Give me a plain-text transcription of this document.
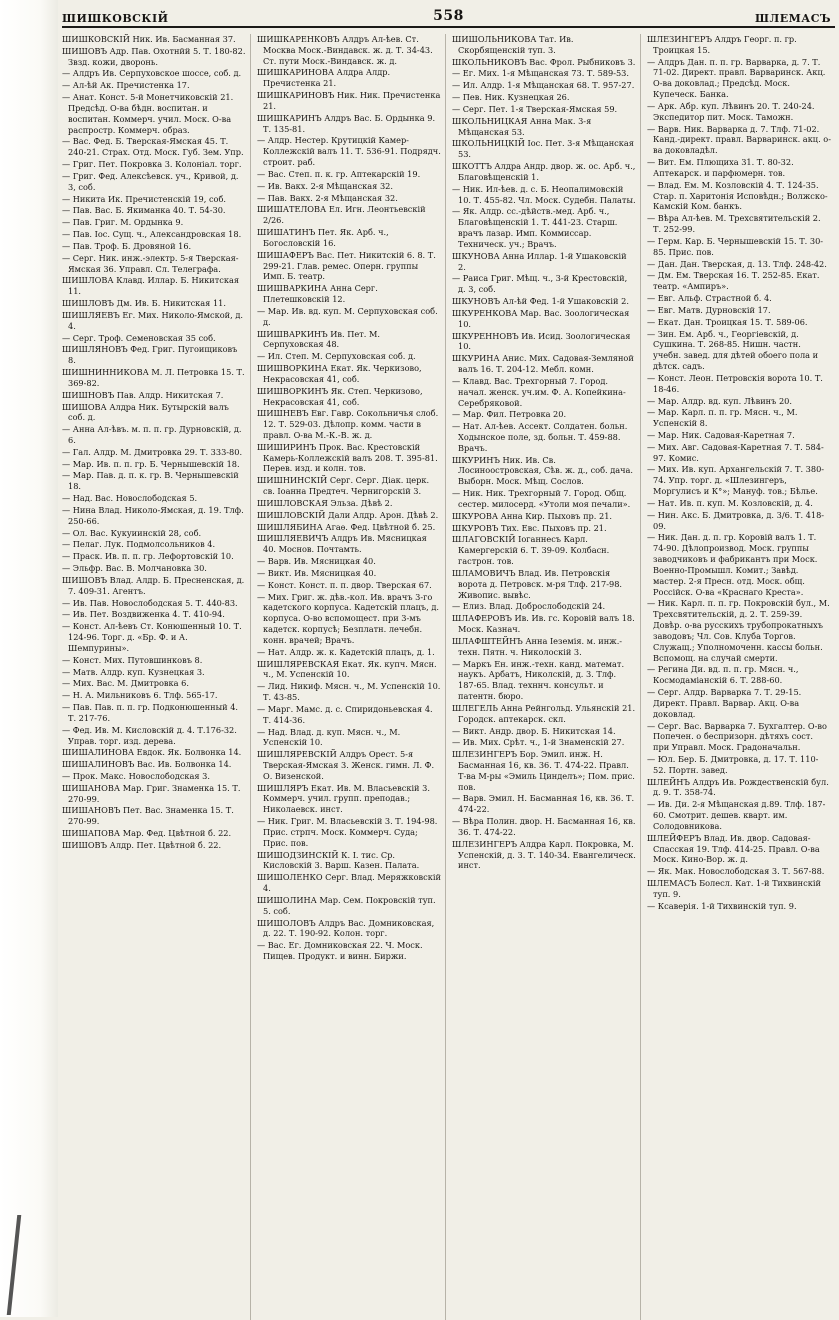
ШИШКОВСКІЙ	558	ШЛЕМАСЪ
ШИШКОВСКІЙ Ник. Ив. Басманная 37.
ШИШОВЪ Адр. Пав. Охотнйй 5. Т. 180-82. Звзд. кожи, дворонь.
— Алдръ Ив. Серпуховское шоссе, соб. д.
— Ал-ѣй Ак. Пречистенка 17.
— Анат. Конст. 5-й Монетчиковскій 21. Предсѣд. О-ва бѣдн. воспитан. и воспитан. Коммерч. учил. Моск. О-ва распростр. Коммерч. образ.
— Вас. Фед. Б. Тверская-Ямская 45. Т. 240-21. Страх. Отд. Моск. Губ. Зем. Упр.
— Григ. Пет. Покровка 3. Колоніал. торг.
— Григ. Фед. Алексѣевск. уч., Кривой, д. 3, соб.
— Никита Ик. Пречистенскій 19, соб.
— Пав. Вас. Б. Якиманка 40. Т. 54-30.
— Пав. Григ. М. Ордынка 9.
— Пав. Іос. Сущ. ч., Александровская 18.
— Пав. Троф. Б. Дровяной 16.
— Серг. Ник. инж.-электр. 5-я Тверская-Ямская 36. Управл. Сл. Телеграфа.
ШИШЛОВА Клавд. Иллар. Б. Никитская 11.
ШИШЛОВЪ Дм. Ив. Б. Никитская 11.
ШИШЛЯЕВЪ Ег. Мих. Николо-Ямской, д. 4.
— Серг. Троф. Семеновская 35 соб.
ШИШЛЯНОВЪ Фед. Григ. Пугоищиковъ 8.
ШИШНИННИКОВА М. Л. Петровка 15. Т. 369-82.
ШИШНОВЪ Пав. Алдр. Никитская 7.
ШИШОВА Алдра Ник. Бутырскій валъ соб. д.
— Анна Ал-ѣвъ. м. п. п. гр. Дурновскій, д. 6.
— Гал. Алдр. М. Дмитровка 29. Т. 333-80.
— Мар. Ив. п. п. гр. Б. Чернышевскій 18.
— Мар. Пав. д. п. к. гр. В. Чернышевскій 18.
— Над. Вас. Новослободская 5.
— Нина Влад. Николо-Ямская, д. 19. Тлф. 250-66.
— Ол. Вас. Кукуиинскій 28, соб.
— Пелаг. Лук. Подмолсольников 4.
— Праск. Ив. п. п. гр. Лефортовскій 10.
— Эльфр. Вас. В. Молчановка 30.
ШИШОВЪ Влад. Алдр. Б. Пресненская, д. 7. 409-31. Агентъ.
— Ив. Пав. Новослободская 5. Т. 440-83.
— Ив. Пет. Воздвиженка 4. Т. 410-94.
— Конст. Ал-ѣевъ Ст. Конюшенный 10. Т. 124-96. Торг. д. «Бр. Ф. и А. Шемпурины».
— Конст. Мих. Путовшинковъ 8.
— Матв. Алдр. куп. Кузнецкая 3.
— Мих. Вас. М. Дмитровка 6.
— Н. А. Мильниковъ 6. Тлф. 565-17.
— Пав. Пав. п. п. гр. Подконюшенный 4. Т. 217-76.
— Фед. Ив. М. Кисловскій д. 4. Т.176-32. Управ. торг. изд. дерева.
ШИШАЛИНОВА Евдок. Як. Болвонка 14.
ШИШАЛИНОВЪ Вас. Ив. Болвонка 14.
— Прок. Макс. Новослободская 3.
ШИШАНОВА Мар. Григ. Знаменка 15. Т. 270-99.
ШИШАНОВЪ Пет. Вас. Знаменка 15. Т. 270-99.
ШИШАПОВА Мар. Фед. Цвѣтной б. 22.
ШИШОВЪ Алдр. Пет. Цвѣтной б. 22.
ШИШКАРЕНКОВЪ Алдръ Ал-ѣев. Ст. Москва Моск.-Виндавск. ж. д. Т. 34-43. Ст. пути Моск.-Виндавск. ж. д.
ШИШКАРИНОВА Алдра Алдр. Пречистенка 21.
ШИШКАРИНОВЪ Ник. Ник. Пречистенка 21.
ШИШКАРИНЪ Алдръ Вас. Б. Ордынка 9. Т. 135-81.
— Алдр. Нестер. Крутицкій Камер-Коллежскій валъ 11. Т. 536-91. Подрядч. строит. раб.
— Вас. Степ. п. к. гр. Аптекарскій 19.
— Ив. Вакх. 2-я Мѣщанская 32.
— Пав. Вакх. 2-я Мѣщанская 32.
ШИШАТЕЛОВА Ел. Игн. Леонтьевскій 2/26.
ШИШАТИНЪ Пет. Як. Арб. ч., Богословскій 16.
ШИШАФЕРЪ Вас. Пет. Никитскій 6. 8. Т. 299-21. Глав. ремес. Оперн. группы Имп. Б. театр.
ШИШВАРКИНА Анна Серг. Плетешковскій 12.
— Мар. Ив. вд. куп. М. Серпуховская соб. д.
ШИШВАРКИНЪ Ив. Пет. М. Серпуховская 48.
— Ил. Степ. М. Серпуховская соб. д.
ШИШВОРКИНА Екат. Як. Черкизово, Некрасовская 41, соб.
ШИШВОРКИНЪ Як. Степ. Черкизово, Некрасовская 41, соб.
ШИШНЕВЪ Евг. Гавр. Сокольничья слоб. 12. Т. 529-03. Дѣлопр. комм. части в правл. О-ва М.-К.-В. ж. д.
ШИШИРИНЪ Прок. Вас. Крестовскій Камерь-Коллежскій валъ 208. Т. 395-81. Перев. изд. и колн. тов.
ШИШНИНСКІЙ Серг. Серг. Діак. церк. св. Іоанна Предтеч. Чернигорскій 3.
ШИШЛОВСКАЯ Эльза. Дѣвѣ 2.
ШИШЛОВСКІЙ Дали Алдр. Арон. Дѣвѣ 2.
ШИШЛЯБИНА Агаѳ. Фед. Цвѣтной б. 25.
ШИШЛЯЕВИЧЪ Алдръ Ив. Мясницкая 40. Моснов. Почтамть.
— Варв. Ив. Мясницкая 40.
— Викт. Ив. Мясницкая 40.
— Конст. Конст. п. п. двор. Тверская 67.
— Мих. Григ. ж. дѣв.-кол. Ив. врачъ 3-го кадетского корпуса. Кадетскій плацъ, д. корпуса. О-во вспомощест. при 3-мъ кадетск. корпусѣ; Безплатн. лечебн. конн. врачей; Врачъ.
— Нат. Алдр. ж. к. Кадетскій плацъ, д. 1.
ШИШЛЯРЕВСКАЯ Екат. Як. купч. Мясн. ч., М. Успенскій 10.
— Лид. Никиф. Мясн. ч., М. Успенскій 10. Т. 43-85.
— Марг. Мамс. д. с. Спиридоньевская 4. Т. 414-36.
— Над. Влад. д. куп. Мясн. ч., М. Успенскій 10.
ШИШЛЯРЕВСКІЙ Алдръ Орест. 5-я Тверская-Ямская 3. Женск. гимн. Л. Ф. О. Визенской.
ШИШЛЯРЪ Екат. Ив. М. Власьевскій 3. Коммерч. учил. групп. преподав.; Николаевск. инст.
— Ник. Григ. М. Власьевскій 3. Т. 194-98. Прис. стрпч. Моск. Коммерч. Суда; Прис. пов.
ШИШОДЗИНСКІЙ К. І. тис. Ср. Кисловскій 3. Варш. Казен. Палата.
ШИШОЛЕНКО Серг. Влад. Меряжковскій 4.
ШИШОЛИНА Мар. Сем. Покровскій туп. 5. соб.
ШИШОЛОВЪ Алдръ Вас. Домниковская, д. 22. Т. 190-92. Колон. торг.
— Вас. Ег. Домниковская 22. Ч. Моск. Пищев. Продукт. и винн. Биржи.
ШИШОЛЬНИКОВА Тат. Ив. Скорбященскій туп. 3.
ШКОЛЬНИКОВЪ Вас. Фрол. Рыбниковъ 3.
— Ег. Мих. 1-я Мѣщанская 73. Т. 589-53.
— Ил. Алдр. 1-я Мѣщанская 68. Т. 957-27.
— Пев. Ник. Кузнецкая 26.
— Серг. Пет. 1-я Тверская-Ямская 59.
ШКОЛЬНИЦКАЯ Анна Мак. 3-я Мѣщанская 53.
ШКОЛЬНИЦКІЙ Іос. Пет. 3-я Мѣщанская 53.
ШКОТТЪ Алдра Андр. двор. ж. ос. Арб. ч., Благовѣщенскій 1.
— Ник. Ил-ѣев. д. с. Б. Неопалимовскій 10. Т. 455-82. Чл. Моск. Судебн. Палаты.
— Як. Алдр. сс.-дѣйств.-мед. Арб. ч., Благовѣщенскій 1. Т. 441-23. Старш. врачъ лазар. Имп. Коммиссар. Техническ. уч.; Врачъ.
ШКУНОВА Анна Иллар. 1-й Ушаковскій 2.
— Раиса Григ. Мѣщ. ч., 3-й Крестовскій, д. 3, соб.
ШКУНОВЪ Ал-ѣй Фед. 1-й Ушаковскій 2.
ШКУРЕНКОВА Мар. Вас. Зоологическая 10.
ШКУРЕННОВЪ Ив. Исид. Зоологическая 10.
ШКУРИНА Анис. Мих. Садовая-Земляной валъ 16. Т. 204-12. Мебл. комн.
— Клавд. Вас. Трехгорный 7. Город. начал. женск. уч.им. Ф. А. Копейкина-Серебряковой.
— Мар. Фил. Петровка 20.
— Нат. Ал-ѣев. Ассект. Солдатен. больн. Ходынское поле, зд. больн. Т. 459-88. Врачъ.
ШКУРИНЪ Ник. Ив. Св. Лосиноостровская, Сѣв. ж. д., соб. дача. Выборн. Моск. Мѣщ. Сослов.
— Ник. Ник. Трехгорный 7. Город. Общ. сестер. милосерд. «Утоли моя печали».
ШКУРОВА Анна Кир. Пыховъ пр. 21.
ШКУРОВЪ Тих. Евс. Пыховъ пр. 21.
ШЛАГОВСКІЙ Іоганнесъ Карл. Камергерскій 6. Т. 39-09. Колбасн. гастрон. тов.
ШЛАМОВИЧЪ Влад. Ив. Петровскія ворота д. Петровск. м-ря Тлф. 217-98. Живопис. вывѣс.
— Елиз. Влад. Доброслободскій 24.
ШЛАФЕРОВЪ Ив. Ив. гс. Коровій валъ 18. Моск. Казнач.
ШЛАФШТЕЙНЪ Анна Іеземія. м. инж.-техн. Пятн. ч. Николоскій 3.
— Маркъ Ен. инж.-техн. канд. математ. наукъ. Арбатъ, Николскій, д. 3. Тлф. 187-65. Влад. техннч. консульт. и патентн. бюро.
ШЛЕГЕЛЬ Анна Рейнгольд. Ульянскій 21. Городск. аптекарск. скл.
— Викт. Андр. двор. Б. Никитская 14.
— Ив. Мих. Срѣт. ч., 1-й Знаменскій 27.
ШЛЕЗИНГЕРЪ Бор. Эмил. инж. Н. Басманная 16, кв. 36. Т. 474-22. Правл. Т-ва М-ры «Эмиль Цинделъ»; Пом. прис. пов.
— Варв. Эмил. Н. Басманная 16, кв. 36. Т. 474-22.
— Вѣра Полин. двор. Н. Басманная 16, кв. 36. Т. 474-22.
ШЛЕЗИНГЕРЪ Алдра Карл. Покровка, М. Успенскій, д. 3. Т. 140-34. Евангелическ. инст.
ШЛЕЗИНГЕРЪ Алдръ Георг. п. гр. Троицкая 15.
— Алдръ Дан. п. п. гр. Варварка, д. 7. Т. 71-02. Директ. правл. Варваринск. Акц. О-ва доковлад.; Предсѣд. Моск. Купеческ. Банка.
— Арк. Абр. куп. Лѣвинъ 20. Т. 240-24. Экспедитор пит. Моск. Таможн.
— Варв. Ник. Варварка д. 7. Тлф. 71-02. Канд.-директ. правл. Варваринск. акц. о-ва доковладѣл.
— Вит. Ем. Плющиха 31. Т. 80-32. Аптекарск. и парфюмерн. тов.
— Влад. Ем. М. Козловскій 4. Т. 124-35. Стар. п. Харитонія Исповѣдн.; Волжско-Камскій Ком. банкъ.
— Вѣра Ал-ѣев. М. Трехсвятительскій 2. Т. 252-99.
— Герм. Кар. Б. Чернышевскій 15. Т. 30-85. Прис. пов.
— Дан. Дан. Тверская, д. 13. Тлф. 248-42.
— Дм. Ем. Тверская 16. Т. 252-85. Екат. театр. «Ампиръ».
— Евг. Альф. Страстной б. 4.
— Евг. Матв. Дурновскій 17.
— Екат. Дан. Троицкая 15. Т. 589-06.
— Зин. Ем. Арб. ч., Георгіевскій, д. Сушкина. Т. 268-85. Нишн. частн. учебн. завед. для дѣтей обоего пола и дѣтск. садъ.
— Конст. Леон. Петровскія ворота 10. Т. 18-46.
— Мар. Алдр. вд. куп. Лѣвинъ 20.
— Мар. Карл. п. п. гр. Мясн. ч., М. Успенскій 8.
— Мар. Ник. Садовая-Каретная 7.
— Мих. Авг. Садовая-Каретная 7. Т. 584-97. Комис.
— Мих. Ив. куп. Архангельскій 7. Т. 380-74. Упр. торг. д. «Шлезингеръ, Моргулисъ и К°»; Мануф. тов.; Бѣлье.
— Нат. Ив. п. куп. М. Козловскій, д. 4.
— Нин. Акс. Б. Дмитровка, д. 3/6. Т. 418-09.
— Ник. Дан. д. п. гр. Коровій валъ 1. Т. 74-90. Дѣлопроизвод. Моск. группы заводчиковъ и фабрикантъ при Моск. Военно-Промышл. Комит.; Завѣд. мастер. 2-я Пресн. отд. Моск. общ. Россійск. О-ва «Краснаго Креста».
— Ник. Карл. п. п. гр. Покровскій бул., М. Трехсвятительскій, д. 2. Т. 259-39. Довѣр. о-ва русскихъ трубопрокатныхъ заводовъ; Чл. Сов. Клуба Торгов. Служащ.; Уполномоченн. кассы больн. Вспомощ. на случай смерти.
— Регина Ди. вд. п. п. гр. Мясн. ч., Космодаміанскій 6. Т. 288-60.
— Серг. Алдр. Варварка 7. Т. 29-15. Директ. Правл. Варвар. Акц. О-ва доковлад.
— Серг. Вас. Варварка 7. Бухгалтер. О-во Попечен. о беспризорн. дѣтяхъ сост. при Управл. Моск. Градоначальн.
— Юл. Бер. Б. Дмитровка, д. 17. Т. 110-52. Портн. завед.
ШЛЕЙНЪ Алдръ Ив. Рождественскій бул. д. 9. Т. 358-74.
— Ив. Ди. 2-я Мѣщанская д.89. Тлф. 187-60. Смотрит. дешев. кварт. им. Солодовникова.
ШЛЕЙФЕРЪ Влад. Ив. двор. Садовая-Спасская 19. Тлф. 414-25. Правл. О-ва Моск. Кино-Вор. ж. д.
— Як. Мак. Новослободская 3. Т. 567-88.
ШЛЕМАСЪ Болесл. Кат. 1-й Тихвинскій туп. 9.
— Ксаверія. 1-й Тихвинскій туп. 9.
